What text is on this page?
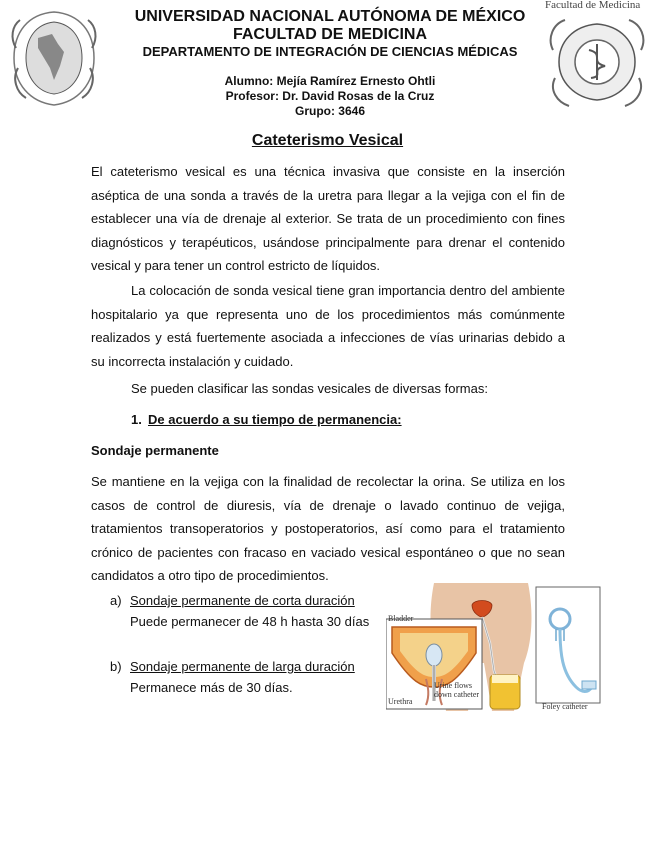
Facultad de Medicina
UNIVERSIDAD NACIONAL AUTÓNOMA DE MÉXICO
FACULTAD DE MEDICINA
DEPARTAMENTO DE INTEGRACIÓN DE CIENCIAS MÉDICAS
Alumno: Mejía Ramírez Ernesto Ohtli
Profesor: Dr. David Rosas de la Cruz
Grupo: 3646
Cateterismo Vesical
El cateterismo vesical es una técnica invasiva que consiste en la inserción aséptica de una sonda a través de la uretra para llegar a la vejiga con el fin de establecer una vía de drenaje al exterior. Se trata de un procedimiento con fines diagnósticos y terapéuticos, usándose principalmente para drenar el contenido vesical y para tener un control estricto de líquidos.
La colocación de sonda vesical tiene gran importancia dentro del ambiente hospitalario ya que representa uno de los procedimientos más comúnmente realizados y está fuertemente asociada a infecciones de vías urinarias debido a su incorrecta instalación y cuidado.
Se pueden clasificar las sondas vesicales de diversas formas:
1. De acuerdo a su tiempo de permanencia:
Sondaje permanente
Se mantiene en la vejiga con la finalidad de recolectar la orina. Se utiliza en los casos de control de diuresis, vía de drenaje o lavado continuo de vejiga, tratamientos transoperatorios y postoperatorios, así como para el tratamiento crónico de pacientes con fracaso en vaciado vesical espontáneo o que no sean candidatos a otro tipo de procedimientos.
a) Sondaje permanente de corta duración
Puede permanecer de 48 h hasta 30 días
b) Sondaje permanente de larga duración
Permanece más de 30 días.
Bladder
Urine flows down catheter
Urethra
Foley catheter
